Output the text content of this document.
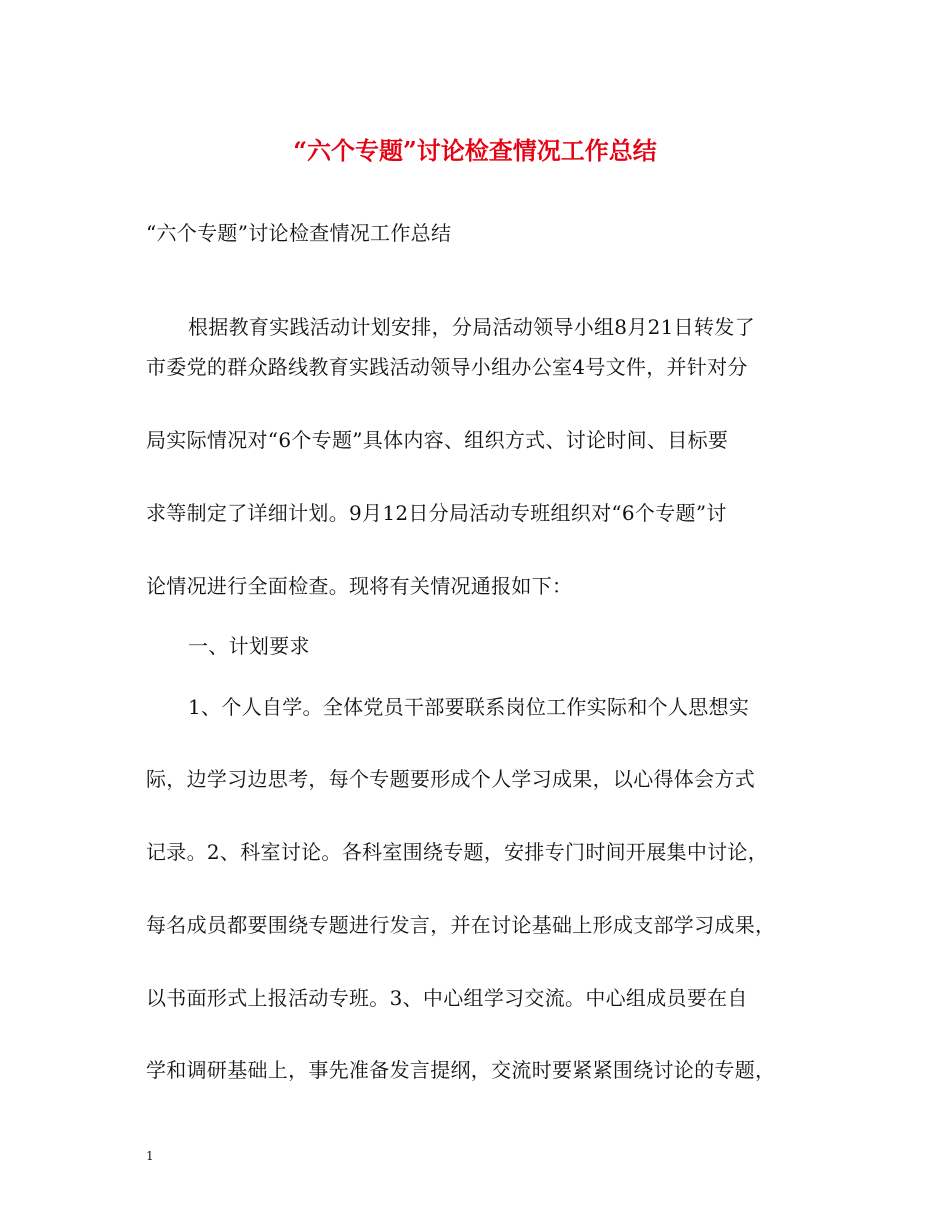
“六个专题”讨论检查情况工作总结
“六个专题”讨论检查情况工作总结
根据教育实践活动计划安排，分局活动领导小组8月21日转发了
市委党的群众路线教育实践活动领导小组办公室4号文件，并针对分
局实际情况对“6个专题”具体内容、组织方式、讨论时间、目标要
求等制定了详细计划。9月12日分局活动专班组织对“6个专题”讨
论情况进行全面检查。现将有关情况通报如下：
一、计划要求
1、个人自学。全体党员干部要联系岗位工作实际和个人思想实
际，边学习边思考，每个专题要形成个人学习成果，以心得体会方式
记录。2、科室讨论。各科室围绕专题，安排专门时间开展集中讨论，
每名成员都要围绕专题进行发言，并在讨论基础上形成支部学习成果，
以书面形式上报活动专班。3、中心组学习交流。中心组成员要在自
学和调研基础上，事先准备发言提纲，交流时要紧紧围绕讨论的专题，
1
